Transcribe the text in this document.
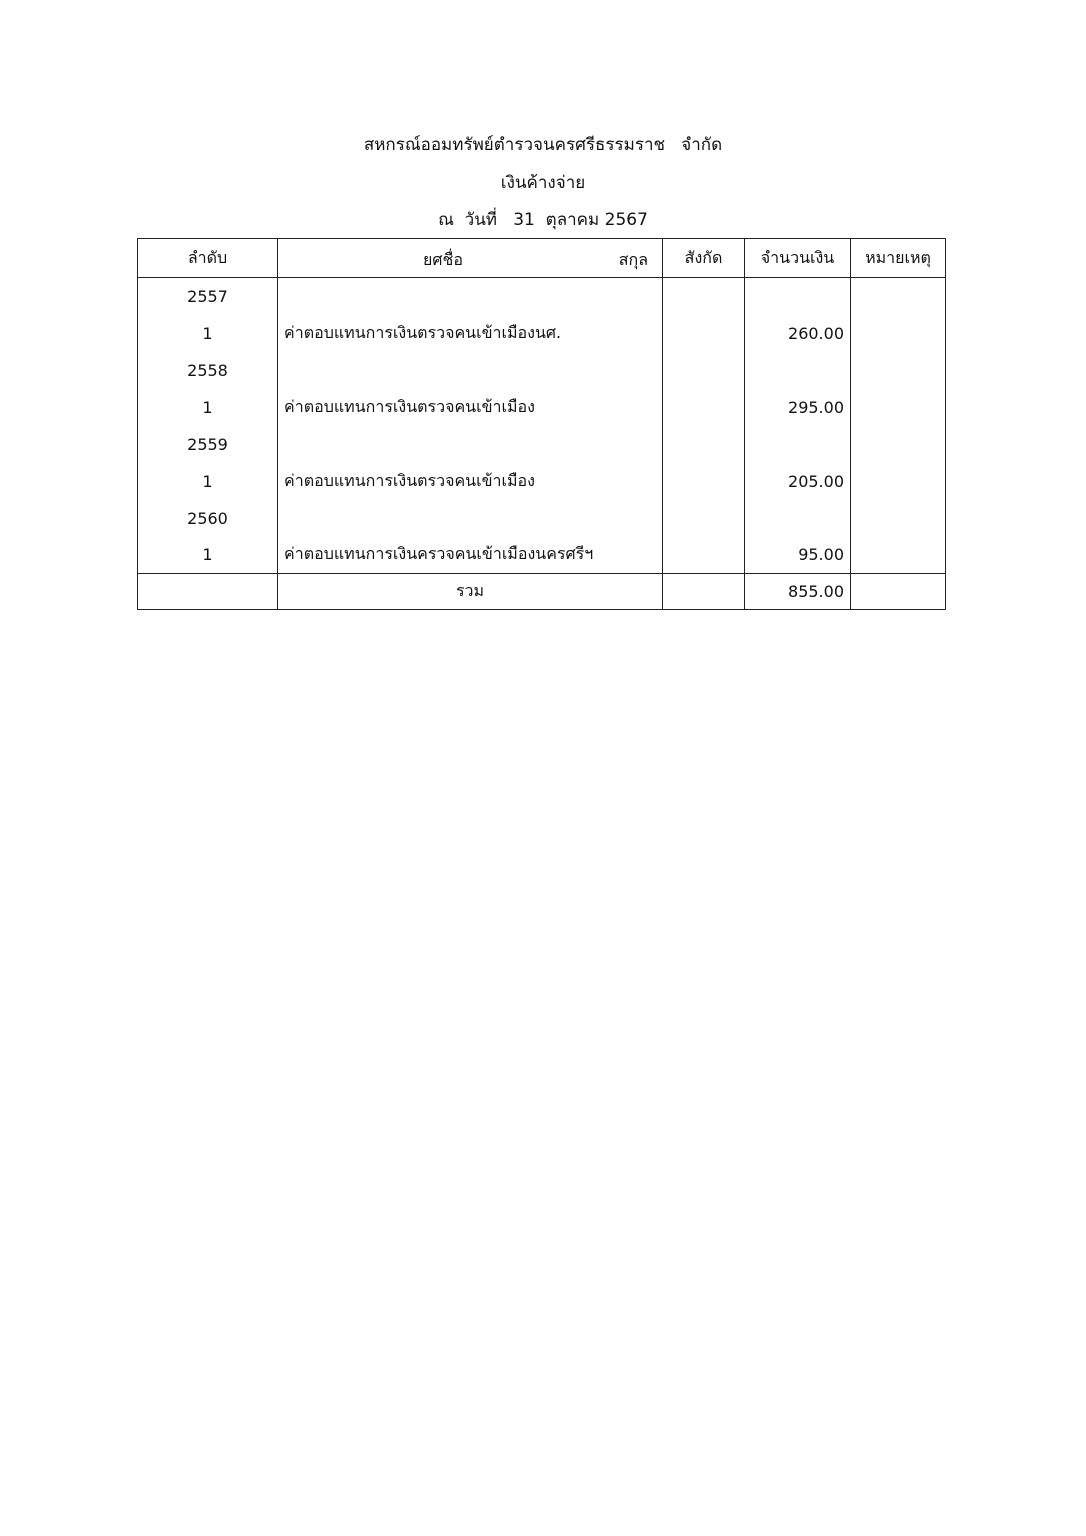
สหกรณ์ออมทรัพย์ตำรวจนครศรีธรรมราช   จำกัด
เงินค้างจ่าย
ณ  วันที่   31  ตุลาคม 2567
ลำดับ	ยศชื่อ สกุล	สังกัด	จำนวนเงิน	หมายเหตุ
2557				
1	ค่าตอบแทนการเงินตรวจคนเข้าเมืองนศ.		260.00	
2558				
1	ค่าตอบแทนการเงินตรวจคนเข้าเมือง		295.00	
2559				
1	ค่าตอบแทนการเงินตรวจคนเข้าเมือง		205.00	
2560				
1	ค่าตอบแทนการเงินครวจคนเข้าเมืองนครศรีฯ		95.00	
	รวม		855.00	
